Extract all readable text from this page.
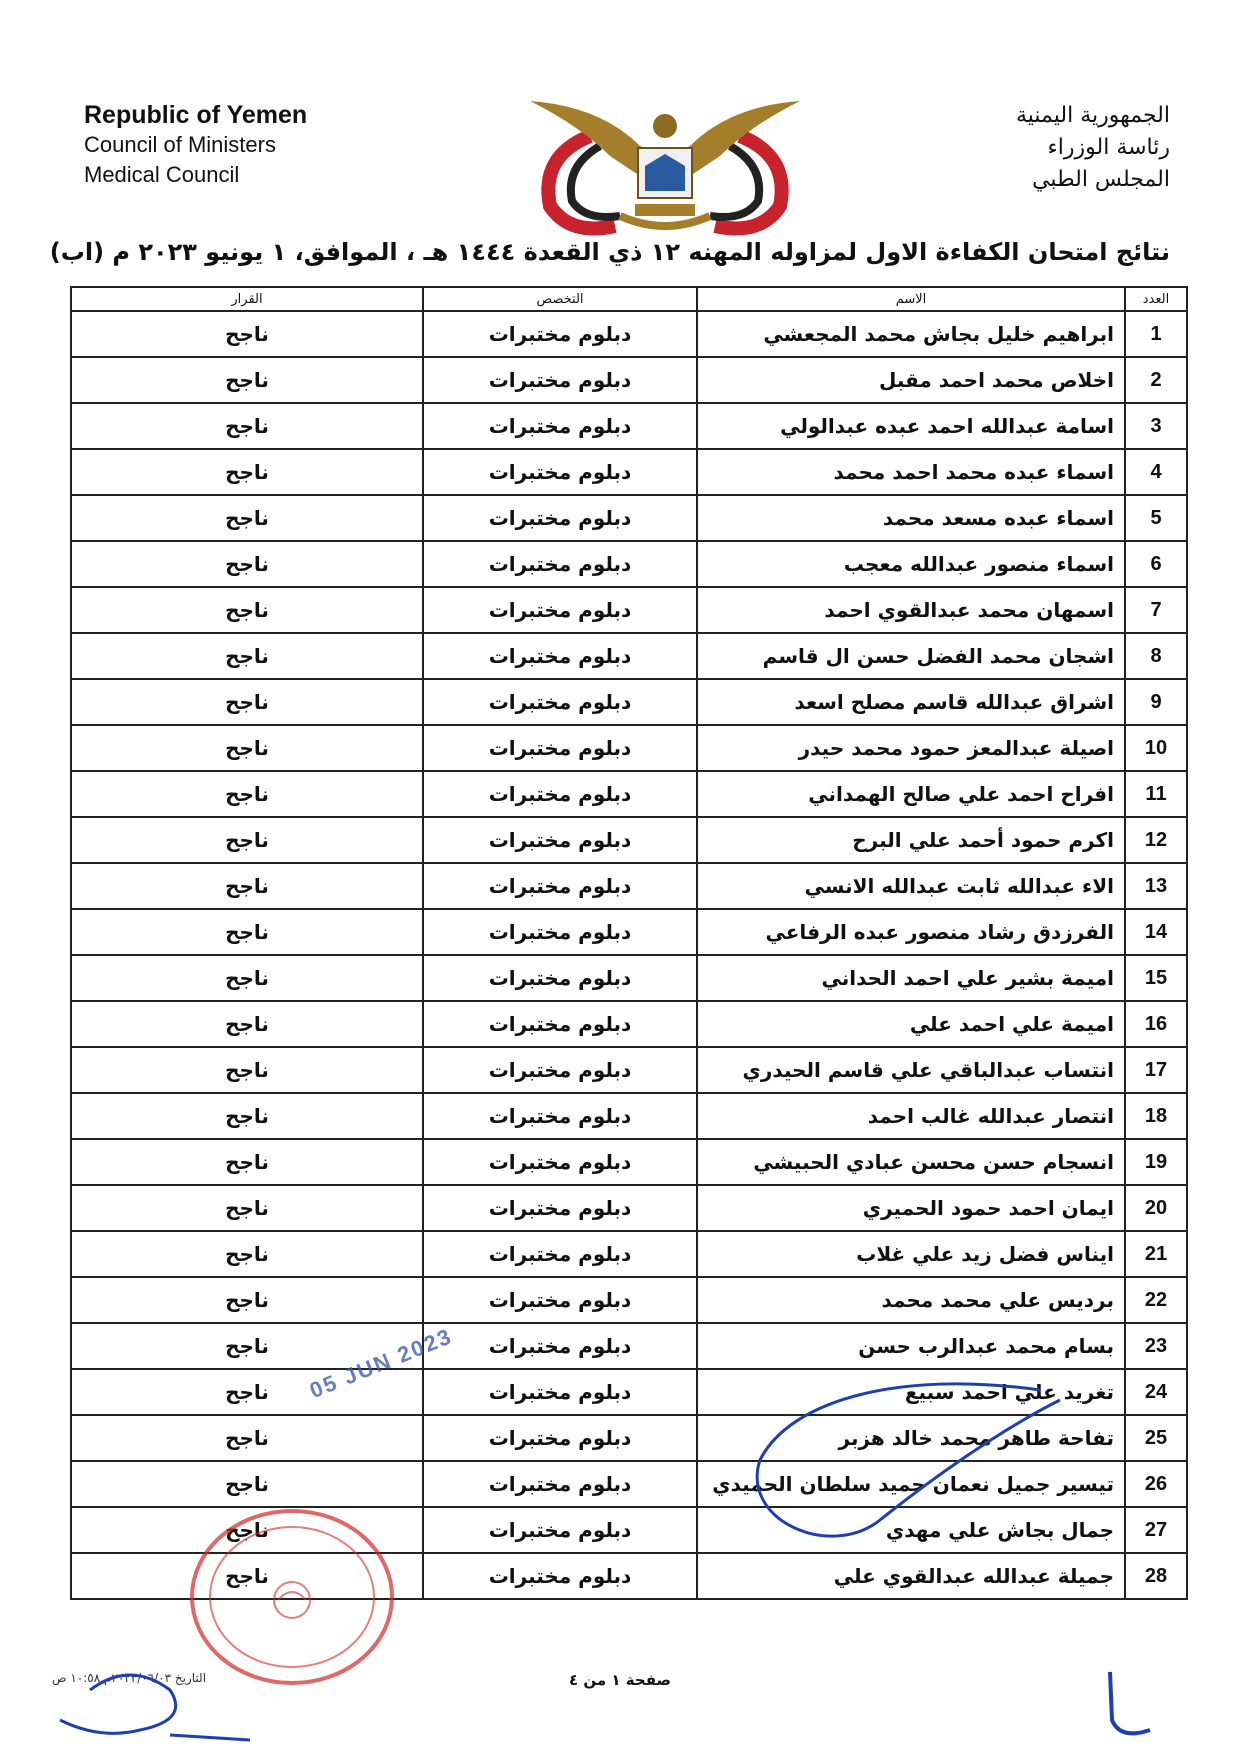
Republic of Yemen
Council of Ministers
Medical Council
الجمهورية اليمنية
رئاسة الوزراء
المجلس الطبي
نتائج امتحان الكفاءة الاول لمزاوله المهنه ١٢ ذي القعدة ١٤٤٤ هـ ، الموافق، ١ يونيو ٢٠٢٣ م (اب)
العدد	الاسم	التخصص	القرار
1	ابراهيم خليل بجاش محمد المجعشي	دبلوم مختبرات	ناجح
2	اخلاص محمد احمد مقبل	دبلوم مختبرات	ناجح
3	اسامة عبدالله احمد عبده عبدالولي	دبلوم مختبرات	ناجح
4	اسماء عبده محمد احمد محمد	دبلوم مختبرات	ناجح
5	اسماء عبده مسعد محمد	دبلوم مختبرات	ناجح
6	اسماء منصور عبدالله معجب	دبلوم مختبرات	ناجح
7	اسمهان محمد عبدالقوي احمد	دبلوم مختبرات	ناجح
8	اشجان محمد الفضل حسن ال قاسم	دبلوم مختبرات	ناجح
9	اشراق عبدالله قاسم مصلح اسعد	دبلوم مختبرات	ناجح
10	اصيلة عبدالمعز حمود محمد حيدر	دبلوم مختبرات	ناجح
11	افراح احمد علي صالح الهمداني	دبلوم مختبرات	ناجح
12	اكرم حمود أحمد علي البرح	دبلوم مختبرات	ناجح
13	الاء عبدالله ثابت عبدالله الانسي	دبلوم مختبرات	ناجح
14	الفرزدق رشاد منصور عبده الرفاعي	دبلوم مختبرات	ناجح
15	اميمة بشير علي احمد الحداني	دبلوم مختبرات	ناجح
16	اميمة علي احمد علي	دبلوم مختبرات	ناجح
17	انتساب عبدالباقي علي قاسم الحيدري	دبلوم مختبرات	ناجح
18	انتصار عبدالله غالب احمد	دبلوم مختبرات	ناجح
19	انسجام حسن محسن عبادي الحبيشي	دبلوم مختبرات	ناجح
20	ايمان احمد حمود الحميري	دبلوم مختبرات	ناجح
21	ايناس فضل زيد علي غلاب	دبلوم مختبرات	ناجح
22	برديس علي محمد محمد	دبلوم مختبرات	ناجح
23	بسام محمد عبدالرب حسن	دبلوم مختبرات	ناجح
24	تغريد علي احمد سبيع	دبلوم مختبرات	ناجح
25	تفاحة طاهر محمد خالد هزبر	دبلوم مختبرات	ناجح
26	تيسير جميل نعمان حميد سلطان الحميدي	دبلوم مختبرات	ناجح
27	جمال بجاش علي مهدي	دبلوم مختبرات	ناجح
28	جميلة عبدالله عبدالقوي علي	دبلوم مختبرات	ناجح
التاريخ ٢٠٢٣/٠٦/٠٣م ١٠:٥٨ ص	صفحة ١ من ٤
05 JUN 2023
